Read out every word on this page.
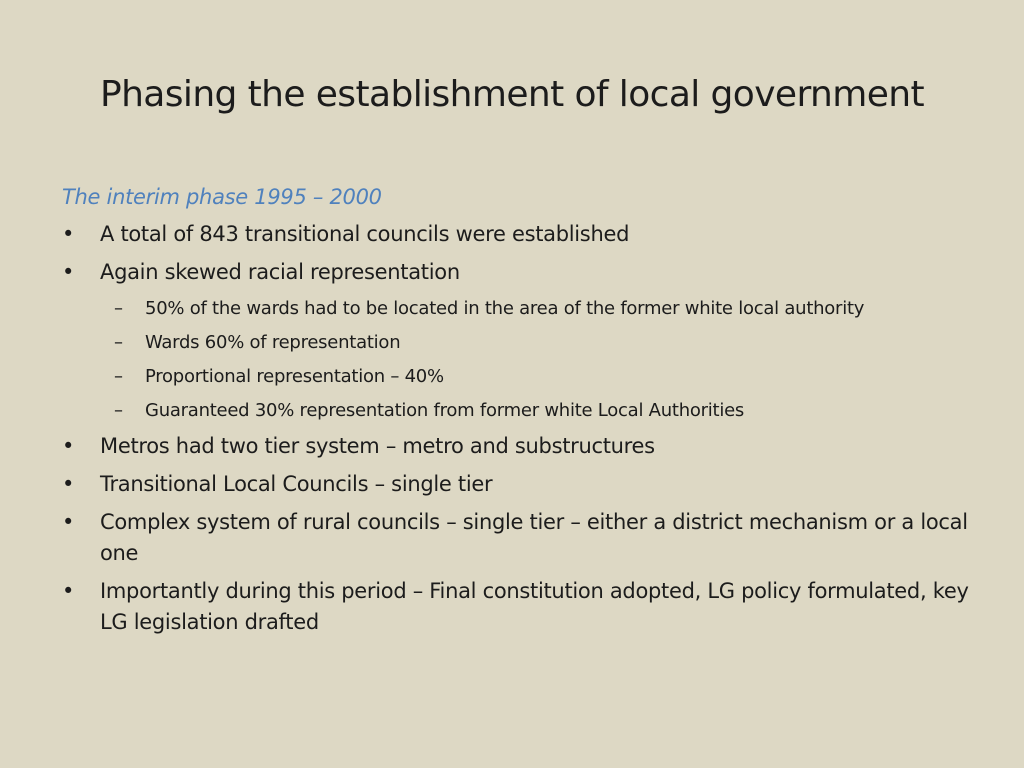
Phasing the establishment of local government
The interim phase 1995 – 2000
•	A total of 843 transitional councils were established
•	Again skewed racial representation
– 50% of the wards had to be located in the area of the former white local authority
– Wards 60% of representation
– Proportional representation – 40%
– Guaranteed 30% representation from former white Local Authorities
•	Metros had two tier system – metro and substructures
•	Transitional Local Councils – single tier
•	Complex system of rural councils – single tier – either a district mechanism or a local one
•	Importantly during this period – Final constitution adopted, LG policy formulated, key LG legislation drafted
